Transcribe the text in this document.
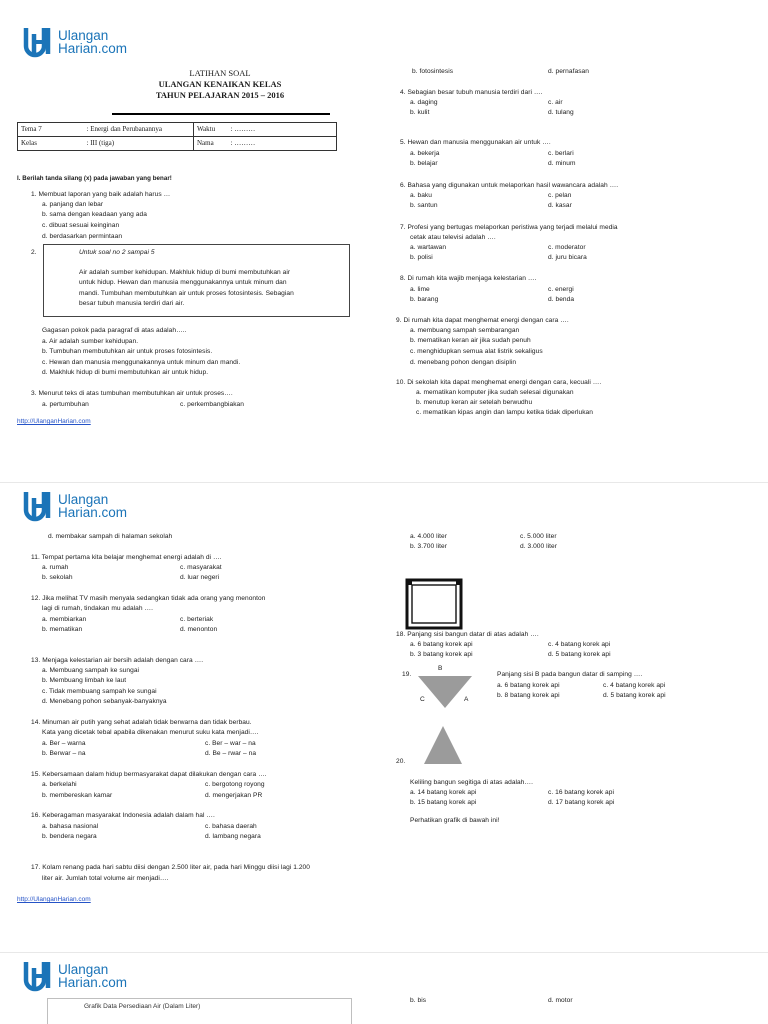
Ulangan
Harian.com
LATIHAN SOAL
ULANGAN KENAIKAN KELAS
TAHUN PELAJARAN 2015 – 2016
Tema 7	: Energi dan Perubanannya	Waktu	: ………
Kelas	: III (tiga)	Nama	: ………
I. Berilah tanda silang (x) pada jawaban yang benar!
1. Membuat laporan yang baik adalah harus …
a. panjang dan lebar
b. sama dengan keadaan yang ada
c. dibuat sesuai keinginan
d. berdasarkan permintaan
2.	Untuk soal no 2 sampai 5
Air adalah sumber kehidupan. Makhluk hidup di bumi membutuhkan air
untuk hidup. Hewan dan manusia menggunakannya untuk minum dan
mandi. Tumbuhan membutuhkan air untuk proses fotosintesis. Sebagian
besar tubuh manusia terdiri dari air.
Gagasan pokok pada paragraf di atas adalah…..
a. Air adalah sumber kehidupan.
b. Tumbuhan membutuhkan air untuk proses fotosintesis.
c. Hewan dan manusia menggunakannya untuk minum dan mandi.
d. Makhluk hidup di bumi membutuhkan air untuk hidup.
3. Menurut teks di atas tumbuhan membutuhkan air untuk proses….
a. pertumbuhan	c. perkembangbiakan
http://UlanganHarian.com
b. fotosintesis	d. pernafasan
4. Sebagian besar tubuh manusia terdiri dari ….
a. daging	c. air
b. kulit	d. tulang
5. Hewan dan manusia menggunakan air untuk ….
a. bekerja	c. berlari
b. belajar	d. minum
6. Bahasa yang digunakan untuk melaporkan hasil wawancara adalah ….
a. baku	c. pelan
b. santun	d. kasar
7. Profesi yang bertugas melaporkan peristiwa yang terjadi melalui media
cetak atau televisi adalah ….
a. wartawan	c. moderator
b. polisi	d. juru bicara
8. Di rumah kita wajib menjaga kelestarian ….
a. lime	c. energi
b. barang	d. benda
9. Di rumah kita dapat menghemat energi dengan cara ….
a. membuang sampah sembarangan
b. mematikan keran air jika sudah penuh
c. menghidupkan semua alat listrik sekaligus
d. menebang pohon dengan disiplin
10. Di sekolah kita dapat menghemat energi dengan cara, kecuali ….
a. mematikan komputer jika sudah selesai digunakan
b. menutup keran air setelah berwudhu
c. mematikan kipas angin dan lampu ketika tidak diperlukan
Ulangan
Harian.com
d. membakar sampah di halaman sekolah
11. Tempat pertama kita belajar menghemat energi adalah di ….
a. rumah	c. masyarakat
b. sekolah	d. luar negeri
12. Jika melihat TV masih menyala sedangkan tidak ada orang yang menonton
lagi di rumah, tindakan mu adalah ….
a. membiarkan	c. berteriak
b. mematikan	d. menonton
13. Menjaga kelestarian air bersih adalah dengan cara ….
a. Membuang sampah ke sungai
b. Membuang limbah ke laut
c. Tidak membuang sampah ke sungai
d. Menebang pohon sebanyak-banyaknya
14. Minuman air putih yang sehat adalah tidak berwarna dan tidak berbau.
Kata yang dicetak tebal apabila dikenakan menurut suku kata menjadi….
a. Ber – warna	c. Ber – war – na
b. Berwar – na	d. Be – rwar – na
15. Kebersamaan dalam hidup bermasyarakat dapat dilakukan dengan cara ….
a. berkelahi	c. bergotong royong
b. membereskan kamar	d. mengerjakan PR
16. Keberagaman masyarakat Indonesia adalah dalam hal ….
a. bahasa nasional	c. bahasa daerah
b. bendera negara	d. lambang negara
17. Kolam renang pada hari sabtu diisi dengan 2.500 liter air, pada hari Minggu diisi lagi 1.200
liter air. Jumlah total volume air menjadi….
http://UlanganHarian.com
a. 4.000 liter	c. 5.000 liter
b. 3.700 liter	d. 3.000 liter
18. Panjang sisi bangun datar di atas adalah ….
a. 6 batang korek api	c. 4 batang korek api
b. 3 batang korek api	d. 5 batang korek api
19.
B
C	A
Panjang sisi B pada bangun datar di samping ….
a. 6 batang korek api	c. 4 batang korek api
b. 8 batang korek api	d. 5 batang korek api
20.
Keliling bangun segitiga di atas adalah….
a. 14 batang korek api	c. 16 batang korek api
b. 15 batang korek api	d. 17 batang korek api
Perhatikan grafik di bawah ini!
Ulangan
Harian.com
Grafik Data Persediaan Air (Dalam Liter)
b. bis	d. motor
